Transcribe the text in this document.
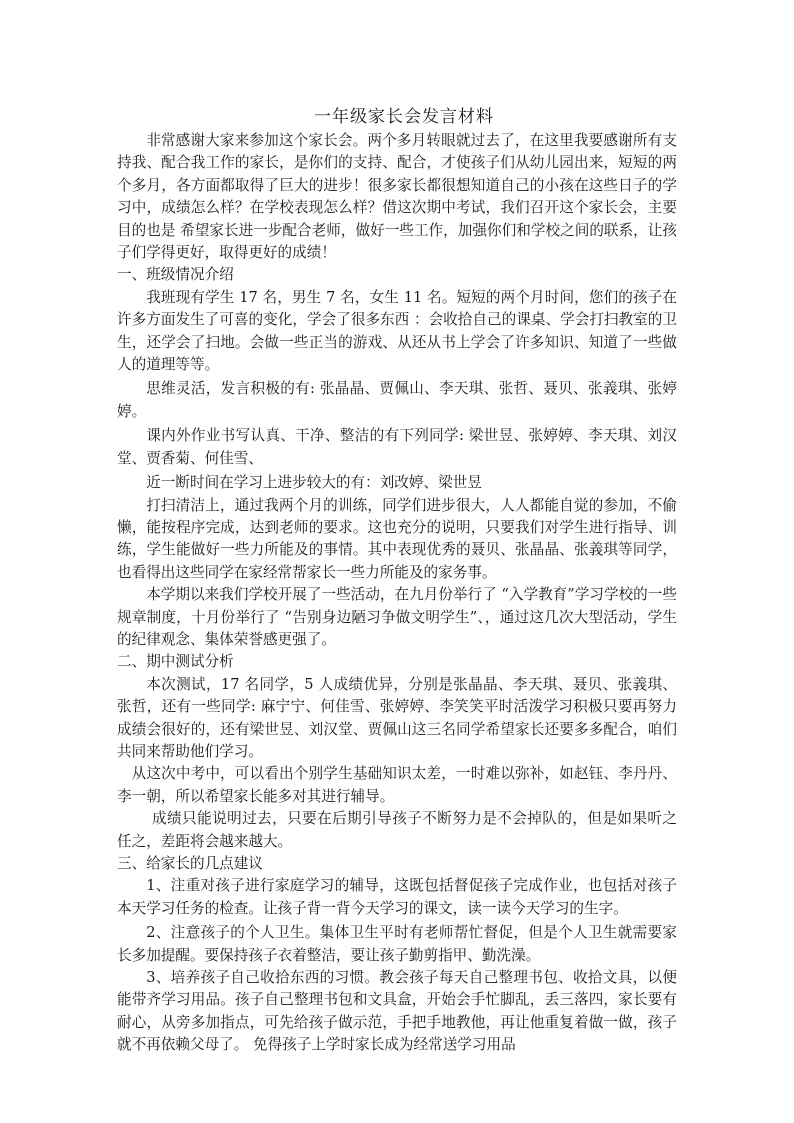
一年级家长会发言材料

非常感谢大家来参加这个家长会。两个多月转眼就过去了，在这里我要感谢所有支持我、配合我工作的家长，是你们的支持、配合，才使孩子们从幼儿园出来，短短的两个多月，各方面都取得了巨大的进步！很多家长都很想知道自己的小孩在这些日子的学习中，成绩怎么样？在学校表现怎么样？借这次期中考试，我们召开这个家长会，主要目的也是 希望家长进一步配合老师，做好一些工作，加强你们和学校之间的联系，让孩子们学得更好，取得更好的成绩！

一、班级情况介绍

我班现有学生 17 名，男生 7 名，女生 11 名。短短的两个月时间，您们的孩子在许多方面发生了可喜的变化，学会了很多东西 ：会收拾自己的课桌、学会打扫教室的卫生，还学会了扫地。会做一些正当的游戏、从还从书上学会了许多知识、知道了一些做人的道理等等。

思维灵活，发言积极的有: 张晶晶、贾佩山、李天琪、张哲、聂贝、张義琪、张婷婷。

课内外作业书写认真、干净、整洁的有下列同学: 梁世昱、张婷婷、李天琪、刘汉堂、贾香菊、何佳雪、

近一断时间在学习上进步较大的有：刘改婷、梁世昱

打扫清洁上，通过我两个月的训练，同学们进步很大，人人都能自觉的参加，不偷懒，能按程序完成，达到老师的要求。这也充分的说明，只要我们对学生进行指导、训练，学生能做好一些力所能及的事情。其中表现优秀的聂贝、张晶晶、张義琪等同学，也看得出这些同学在家经常帮家长一些力所能及的家务事。

本学期以来我们学校开展了一些活动，在九月份举行了 “入学教育”学习学校的一些规章制度，十月份举行了 “告别身边陋习争做文明学生”、，通过这几次大型活动，学生的纪律观念、集体荣誉感更强了。

二、期中测试分析

本次测试，17 名同学，5 人成绩优异，分别是张晶晶、李天琪、聂贝、张義琪、张哲，还有一些同学: 麻宁宁、何佳雪、张婷婷、李笑笑平时活泼学习积极只要再努力成绩会很好的，还有梁世昱、刘汉堂、贾佩山这三名同学希望家长还要多多配合，咱们共同来帮助他们学习。

从这次中考中，可以看出个别学生基础知识太差，一时难以弥补，如赵钰、李丹丹、李一朝，所以希望家长能多对其进行辅导。

成绩只能说明过去，只要在后期引导孩子不断努力是不会掉队的，但是如果听之任之，差距将会越来越大。

三、给家长的几点建议

1、注重对孩子进行家庭学习的辅导，这既包括督促孩子完成作业，也包括对孩子本天学习任务的检查。让孩子背一背今天学习的课文，读一读今天学习的生字。

2、注意孩子的个人卫生。集体卫生平时有老师帮忙督促，但是个人卫生就需要家长多加提醒。要保持孩子衣着整洁，要让孩子勤剪指甲、勤洗澡。

3、培养孩子自己收拾东西的习惯。教会孩子每天自己整理书包、收拾文具，以便能带齐学习用品。孩子自己整理书包和文具盒，开始会手忙脚乱，丢三落四，家长要有耐心，从旁多加指点，可先给孩子做示范，手把手地教他，再让他重复着做一做，孩子就不再依赖父母了。 免得孩子上学时家长成为经常送学习用品
